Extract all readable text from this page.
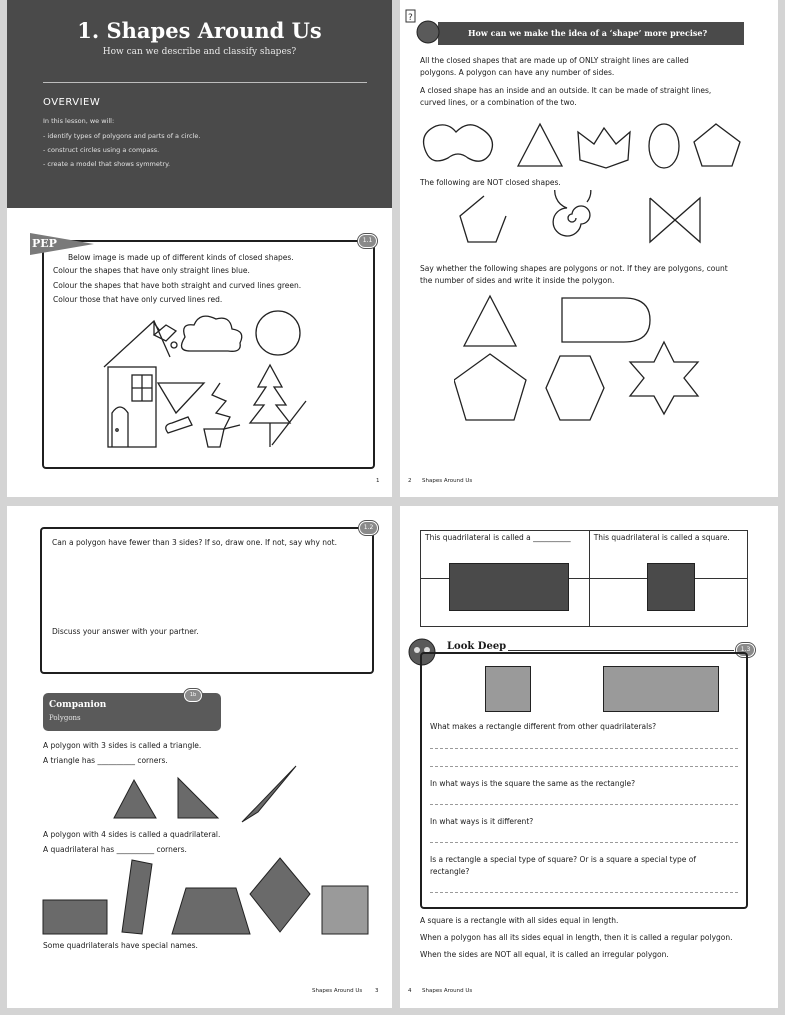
1. Shapes Around Us
How can we describe and classify shapes?
OVERVIEW
In this lesson, we will:
- identify types of polygons and parts of a circle.
- construct circles using a compass.
- create a model that shows symmetry.
PEP	1.1
Below image is made up of different kinds of closed shapes.
Colour the shapes that have only straight lines blue.
Colour the shapes that have both straight and curved lines green.
Colour those that have only curved lines red.
1
How can we make the idea of a ‘shape’ more precise?
?
All the closed shapes that are made up of ONLY straight lines are called
polygons. A polygon can have any number of sides.
A closed shape has an inside and an outside. It can be made of straight lines,
curved lines, or a combination of the two.
The following are NOT closed shapes.
Say whether the following shapes are polygons or not. If they are polygons, count
the number of sides and write it inside the polygon.
2 Shapes Around Us
1.2
Can a polygon have fewer than 3 sides? If so, draw one. If not, say why not.
Discuss your answer with your partner.
Companion
Polygons
1b
A polygon with 3 sides is called a triangle.
A triangle has __________ corners.
A polygon with 4 sides is called a quadrilateral.
A quadrilateral has __________ corners.
Some quadrilaterals have special names.
Shapes Around Us 3
This quadrilateral is called a __________	This quadrilateral is called a square.

Look Deep	1.3
What makes a rectangle different from other quadrilaterals?
In what ways is the square the same as the rectangle?
In what ways is it different?
Is a rectangle a special type of square? Or is a square a special type of
rectangle?
A square is a rectangle with all sides equal in length.
When a polygon has all its sides equal in length, then it is called a regular polygon.
When the sides are NOT all equal, it is called an irregular polygon.
4 Shapes Around Us
